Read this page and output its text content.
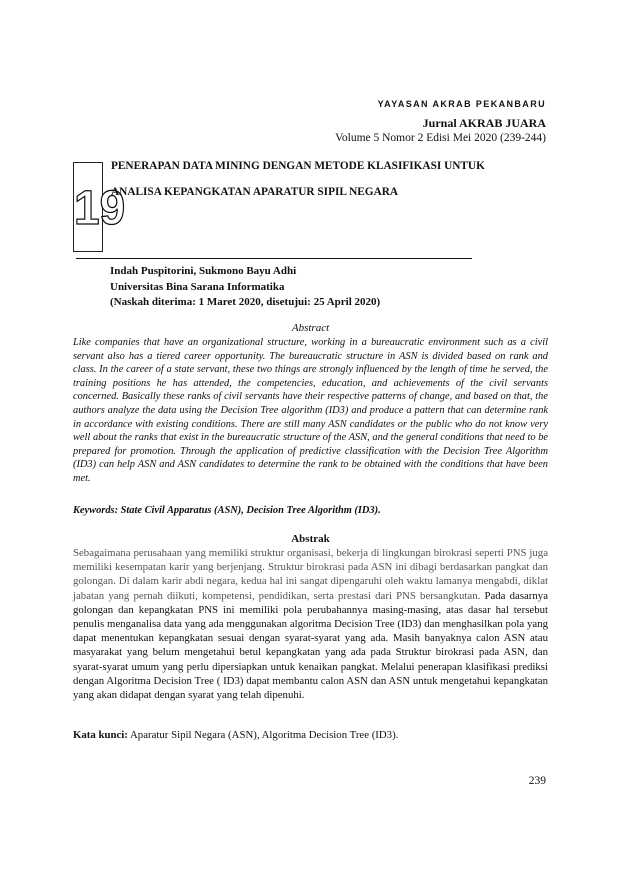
YAYASAN AKRAB PEKANBARU
Jurnal AKRAB JUARA
Volume 5 Nomor 2 Edisi Mei 2020 (239-244)
19
PENERAPAN DATA MINING DENGAN METODE KLASIFIKASI UNTUK
ANALISA KEPANGKATAN APARATUR SIPIL NEGARA
Indah Puspitorini, Sukmono Bayu Adhi
Universitas Bina Sarana Informatika
(Naskah diterima: 1 Maret 2020, disetujui: 25 April 2020)
Abstract
Like companies that have an organizational structure, working in a bureaucratic environment such as a civil servant also has a tiered career opportunity. The bureaucratic structure in ASN is divided based on rank and class. In the career of a state servant, these two things are strongly influenced by the length of time he served, the training positions he has attended, the competencies, education, and achievements of the civil servants concerned. Basically these ranks of civil servants have their respective patterns of change, and based on that, the authors analyze the data using the Decision Tree algorithm (ID3) and produce a pattern that can determine rank in accordance with existing conditions. There are still many ASN candidates or the public who do not know very well about the ranks that exist in the bureaucratic structure of the ASN, and the general conditions that need to be prepared for promotion. Through the application of predictive classification with the Decision Tree Algorithm (ID3) can help ASN and ASN candidates to determine the rank to be obtained with the conditions that have been met.
Keywords: State Civil Apparatus (ASN), Decision Tree Algorithm (ID3).
Abstrak
Sebagaimana perusahaan yang memiliki struktur organisasi, bekerja di lingkungan birokrasi seperti PNS juga memiliki kesempatan karir yang berjenjang. Struktur birokrasi pada ASN ini dibagi berdasarkan pangkat dan golongan. Di dalam karir abdi negara, kedua hal ini sangat dipengaruhi oleh waktu lamanya mengabdi, diklat jabatan yang pernah diikuti, kompetensi, pendidikan, serta prestasi dari PNS bersangkutan. Pada dasarnya golongan dan kepangkatan PNS ini memiliki pola perubahannya masing-masing, atas dasar hal tersebut penulis menganalisa data yang ada menggunakan algoritma Decision Tree (ID3) dan menghasilkan pola yang dapat menentukan kepangkatan sesuai dengan syarat-syarat yang ada. Masih banyaknya calon ASN atau masyarakat yang belum mengetahui betul kepangkatan yang ada pada Struktur birokrasi pada ASN, dan syarat-syarat umum yang perlu dipersiapkan untuk kenaikan pangkat. Melalui penerapan klasifikasi prediksi dengan Algoritma Decision Tree ( ID3) dapat membantu calon ASN dan ASN untuk mengetahui kepangkatan yang akan didapat dengan syarat yang telah dipenuhi.
Kata kunci: Aparatur Sipil Negara (ASN), Algoritma Decision Tree (ID3).
239
